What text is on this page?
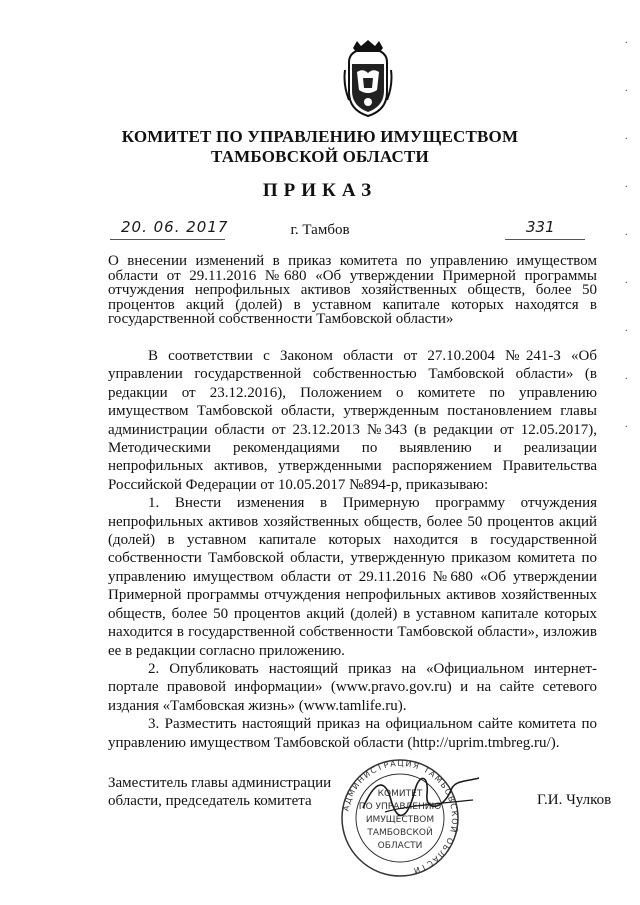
·
·
·
·
·
·
·
·
·
КОМИТЕТ ПО УПРАВЛЕНИЮ ИМУЩЕСТВОМ
ТАМБОВСКОЙ ОБЛАСТИ
ПРИКАЗ
20. 06. 2017	г. Тамбов	331
О внесении изменений в приказ комитета по управлению имуществом области от 29.11.2016 №680 «Об утверждении Примерной программы отчуждения непрофильных активов хозяйственных обществ, более 50 процентов акций (долей) в уставном капитале которых находятся в государственной собственности Тамбовской области»

В соответствии с Законом области от 27.10.2004 №241-З «Об управлении государственной собственностью Тамбовской области» (в редакции от 23.12.2016), Положением о комитете по управлению имуществом Тамбовской области, утвержденным постановлением главы администрации области от 23.12.2013 №343 (в редакции от 12.05.2017), Методическими рекомендациями по выявлению и реализации непрофильных активов, утвержденными распоряжением Правительства Российской Федерации от 10.05.2017 №894-р, приказываю:

1. Внести изменения в Примерную программу отчуждения непрофильных активов хозяйственных обществ, более 50 процентов акций (долей) в уставном капитале которых находится в государственной собственности Тамбовской области, утвержденную приказом комитета по управлению имуществом области от 29.11.2016 №680 «Об утверждении Примерной программы отчуждения непрофильных активов хозяйственных обществ, более 50 процентов акций (долей) в уставном капитале которых находится в государственной собственности Тамбовской области», изложив ее в редакции согласно приложению.

2. Опубликовать настоящий приказ на «Официальном интернет-портале правовой информации» (www.pravo.gov.ru) и на сайте сетевого издания «Тамбовская жизнь» (www.tamlife.ru).

3. Разместить настоящий приказ на официальном сайте комитета по управлению имуществом Тамбовской области (http://uprim.tmbreg.ru/).

Заместитель главы администрации
области, председатель комитета	АДМИНИСТРАЦИЯ ТАМБОВСКОЙ ОБЛАСТИ
КОМИТЕТ
ПО УПРАВЛЕНИЮ
ИМУЩЕСТВОМ
ТАМБОВСКОЙ
ОБЛАСТИ
Г.И. Чулков
